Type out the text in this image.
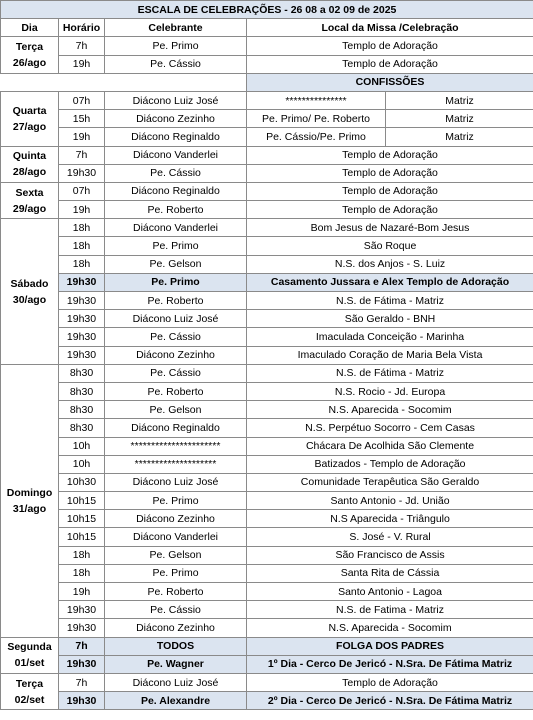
ESCALA DE CELEBRAÇÕES - 26 08 a 02 09 de 2025				
Dia	Horário	Celebrante	Local da Missa /Celebração	

Terça
26/ago	7h	Pe. Primo	Templo de Adoração	
	19h	Pe. Cássio	Templo de Adoração	
			CONFISSÕES	

Quarta
27/ago	07h	Diácono Luiz José	***************	Matriz
	15h	Diácono Zezinho	Pe. Primo/ Pe. Roberto	Matriz
	19h	Diácono Reginaldo	Pe. Cássio/Pe. Primo	Matriz

Quinta
28/ago	7h	Diácono Vanderlei	Templo de Adoração	
	19h30	Pe. Cássio	Templo de Adoração	

Sexta
29/ago	07h	Diácono Reginaldo	Templo de Adoração	
	19h	Pe. Roberto	Templo de Adoração	

Sábado
30/ago	18h	Diácono Vanderlei	Bom Jesus de Nazaré-Bom Jesus	
	18h	Pe. Primo	São Roque	
	18h	Pe. Gelson	N.S. dos Anjos - S. Luiz	
	19h30	Pe. Primo	Casamento Jussara e Alex Templo de Adoração	
	19h30	Pe. Roberto	N.S. de Fátima - Matriz	
	19h30	Diácono Luiz José	São Geraldo - BNH	
	19h30	Pe. Cássio	Imaculada Conceição - Marinha	
	19h30	Diácono Zezinho	Imaculado Coração de Maria Bela Vista	

Domingo
31/ago	8h30	Pe. Cássio	N.S. de Fátima - Matriz	
	8h30	Pe. Roberto	N.S. Rocio - Jd. Europa	
	8h30	Pe. Gelson	N.S. Aparecida - Socomim	
	8h30	Diácono Reginaldo	N.S. Perpétuo Socorro - Cem Casas	
	10h	**********************	Chácara De Acolhida São Clemente	
	10h	********************	Batizados - Templo de Adoração	
	10h30	Diácono Luiz José	Comunidade Terapêutica São Geraldo	
	10h15	Pe. Primo	Santo Antonio - Jd. União	
	10h15	Diácono Zezinho	N.S Aparecida - Triângulo	
	10h15	Diácono Vanderlei	S. José - V. Rural	
	18h	Pe. Gelson	São Francisco de Assis	
	18h	Pe. Primo	Santa Rita de Cássia	
	19h	Pe. Roberto	Santo Antonio - Lagoa	
	19h30	Pe. Cássio	N.S. de Fatima - Matriz	
	19h30	Diácono Zezinho	N.S. Aparecida - Socomim	

Segunda
01/set	7h	TODOS	FOLGA DOS PADRES	
	19h30	Pe. Wagner	1º Dia - Cerco De Jericó - N.Sra. De Fátima Matriz	

Terça
02/set	7h	Diácono Luiz José	Templo de Adoração	
	19h30	Pe. Alexandre	2º Dia - Cerco De Jericó - N.Sra. De Fátima Matriz	
